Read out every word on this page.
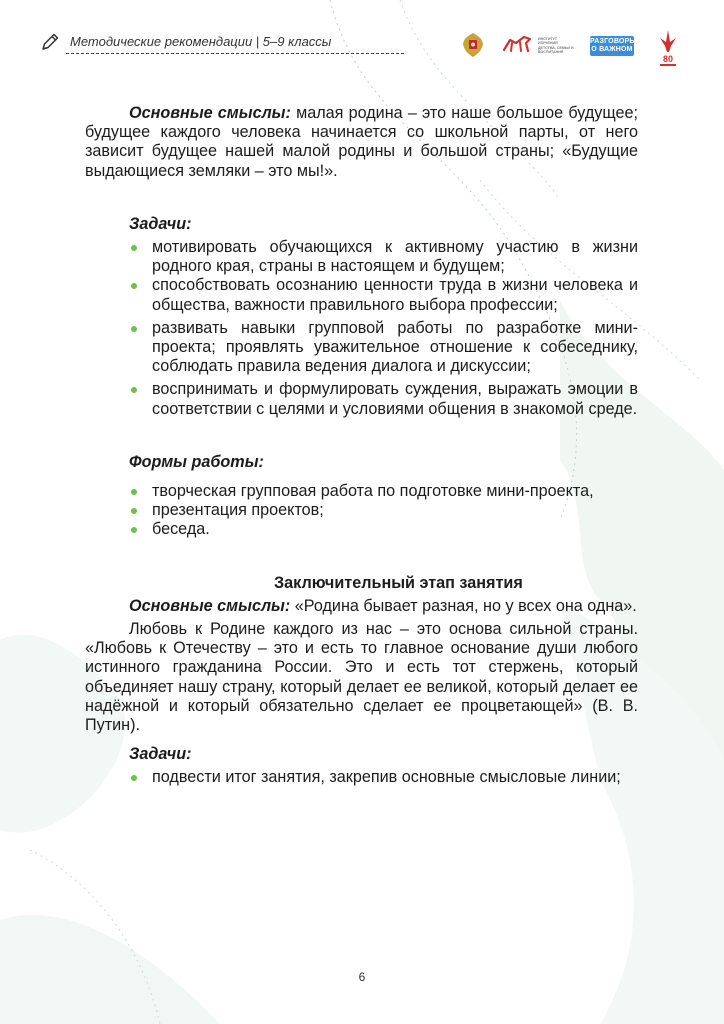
Методические рекомендации | 5–9 классы	ИНСТИТУТ ИЗУЧЕНИЯ ДЕТСТВА, СЕМЬИ И ВОСПИТАНИЯ
РАЗГОВОРЫ
О ВАЖНОМ
80

Основные смыслы: малая родина – это наше большое будущее; будущее каждого человека начинается со школьной парты, от него зависит будущее нашей малой родины и большой страны; «Будущие выдающиеся земляки – это мы!».

Задачи:

мотивировать обучающихся к активному участию в жизни родного края, страны в настоящем и будущем;
способствовать осознанию ценности труда в жизни человека и общества, важности правильного выбора профессии;
развивать навыки групповой работы по разработке мини-проекта; проявлять уважительное отношение к собеседнику, соблюдать правила ведения диалога и дискуссии;
воспринимать и формулировать суждения, выражать эмоции в соответствии с целями и условиями общения в знакомой среде.

Формы работы:

творческая групповая работа по подготовке мини-проекта,
презентация проектов;
беседа.

Заключительный этап занятия

Основные смыслы: «Родина бывает разная, но у всех она одна».

Любовь к Родине каждого из нас – это основа сильной страны. «Любовь к Отечеству – это и есть то главное основание души любого истинного гражданина России. Это и есть тот стержень, который объединяет нашу страну, который делает ее великой, который делает ее надёжной и который обязательно сделает ее процветающей» (В. В. Путин).

Задачи:

подвести итог занятия, закрепив основные смысловые линии;
6
